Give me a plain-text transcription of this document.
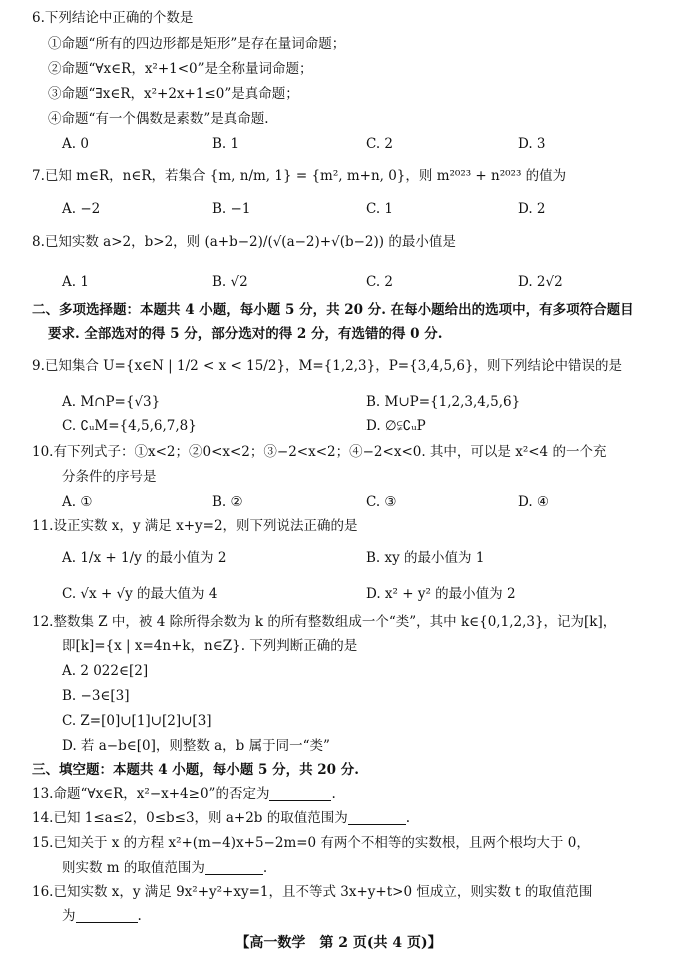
6.下列结论中正确的个数是
①命题“所有的四边形都是矩形”是存在量词命题；
②命题“∀x∈R，x²+1<0”是全称量词命题；
③命题“∃x∈R，x²+2x+1≤0”是真命题；
④命题“有一个偶数是素数”是真命题.
A. 0	B. 1	C. 2	D. 3
7.已知 m∈R，n∈R，若集合 {m, n/m, 1} = {m², m+n, 0}，则 m²⁰²³ + n²⁰²³ 的值为
A. −2	B. −1	C. 1	D. 2
8.已知实数 a>2，b>2，则 (a+b−2)/(√(a−2)+√(b−2)) 的最小值是
A. 1	B. √2	C. 2	D. 2√2
二、多项选择题：本题共 4 小题，每小题 5 分，共 20 分. 在每小题给出的选项中，有多项符合题目
要求. 全部选对的得 5 分，部分选对的得 2 分，有选错的得 0 分.
9.已知集合 U={x∈N | 1/2 < x < 15/2}，M={1,2,3}，P={3,4,5,6}，则下列结论中错误的是
A. M∩P={√3}	B. M∪P={1,2,3,4,5,6}
C. ∁ᵤM={4,5,6,7,8}	D. ∅⫋∁ᵤP
10.有下列式子：①x<2；②0<x<2；③−2<x<2；④−2<x<0. 其中，可以是 x²<4 的一个充
分条件的序号是
A. ①	B. ②	C. ③	D. ④
11.设正实数 x，y 满足 x+y=2，则下列说法正确的是
A. 1/x + 1/y 的最小值为 2	B. xy 的最小值为 1
C. √x + √y 的最大值为 4	D. x² + y² 的最小值为 2
12.整数集 Z 中，被 4 除所得余数为 k 的所有整数组成一个“类”，其中 k∈{0,1,2,3}，记为[k]，
即[k]={x | x=4n+k，n∈Z}. 下列判断正确的是
A. 2 022∈[2]
B. −3∈[3]
C. Z=[0]∪[1]∪[2]∪[3]
D. 若 a−b∈[0]，则整数 a，b 属于同一“类”
三、填空题：本题共 4 小题，每小题 5 分，共 20 分.
13.命题“∀x∈R，x²−x+4≥0”的否定为	.
14.已知 1≤a≤2，0≤b≤3，则 a+2b 的取值范围为	.
15.已知关于 x 的方程 x²+(m−4)x+5−2m=0 有两个不相等的实数根，且两个根均大于 0，
则实数 m 的取值范围为	.
16.已知实数 x，y 满足 9x²+y²+xy=1，且不等式 3x+y+t>0 恒成立，则实数 t 的取值范围
为	.
【高一数学　第 2 页(共 4 页)】
